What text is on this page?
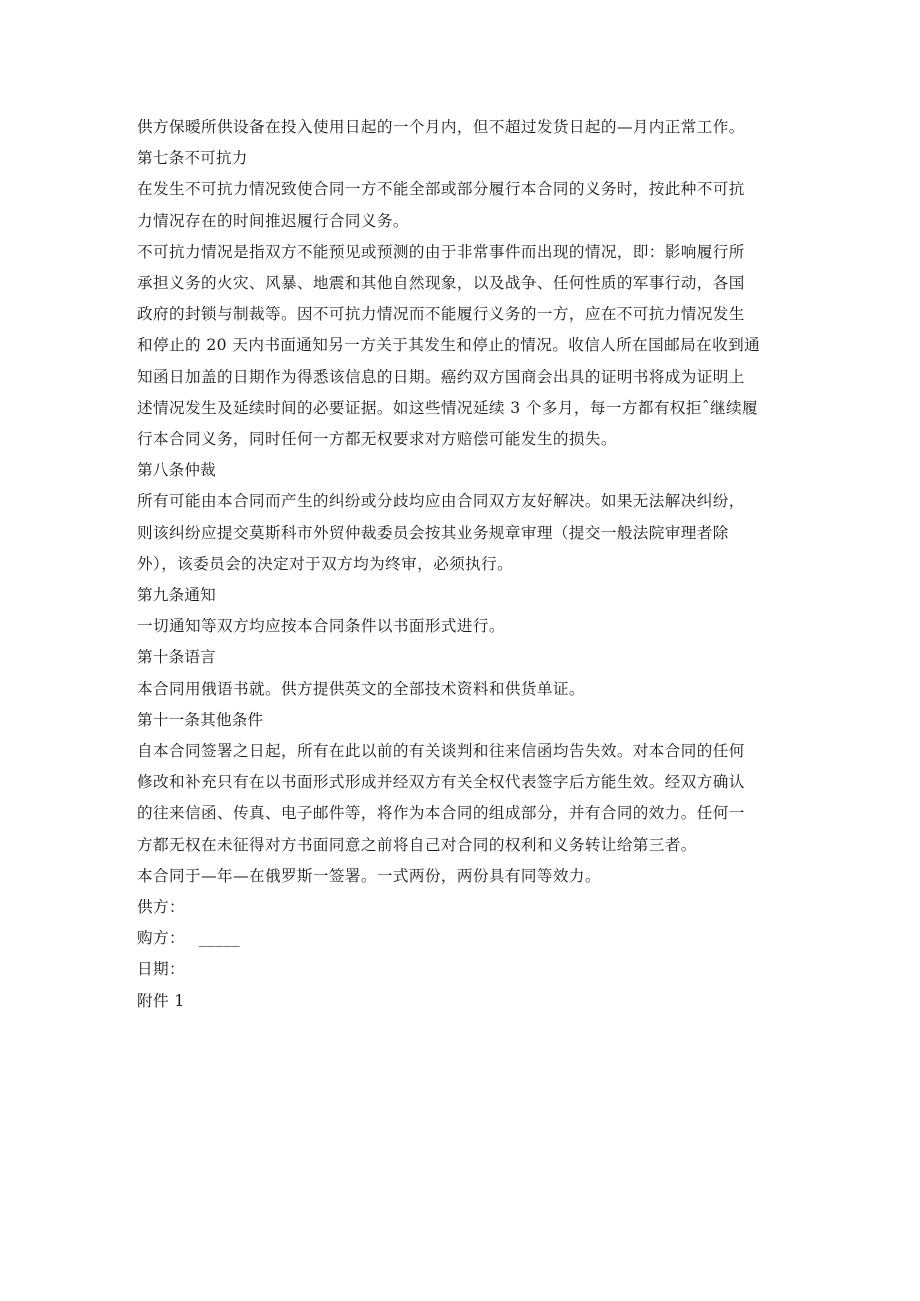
供方保暧所供设备在投入使用日起的一个月内，但不超过发货日起的—月内正常工作。

第七条不可抗力

在发生不可抗力情况致使合同一方不能全部或部分履行本合同的义务时，按此种不可抗

力情况存在的时间推迟履行合同义务。

不可抗力情况是指双方不能预见或预测的由于非常事件而出现的情况，即：影响履行所

承担义务的火灾、风暴、地震和其他自然现象，以及战争、任何性质的军事行动，各国

政府的封锁与制裁等。因不可抗力情况而不能履行义务的一方，应在不可抗力情况发生

和停止的 20 天内书面通知另一方关于其发生和停止的情况。收信人所在国邮局在收到通

知函日加盖的日期作为得悉该信息的日期。癌约双方国商会出具的证明书将成为证明上

述情况发生及延续时间的必要证据。如这些情况延续 3 个多月，每一方都有权拒ˆ继续履

行本合同义务，同时任何一方都无权要求对方赔偿可能发生的损失。

第八条仲裁

所有可能由本合同而产生的纠纷或分歧均应由合同双方友好解决。如果无法解决纠纷，

则该纠纷应提交莫斯科市外贸仲裁委员会按其业务规章审理（提交一般法院审理者除

外），该委员会的决定对于双方均为终审，必须执行。

第九条通知

一切通知等双方均应按本合同条件以书面形式进行。

第十条语言

本合同用俄语书就。供方提供英文的全部技术资料和供货单证。

第十一条其他条件

自本合同签署之日起，所有在此以前的有关谈判和往来信函均告失效。对本合同的任何

修改和补充只有在以书面形式形成并经双方有关全权代表签字后方能生效。经双方确认

的往来信函、传真、电子邮件等，将作为本合同的组成部分，并有合同的效力。任何一

方都无权在未征得对方书面同意之前将自己对合同的权利和义务转让给第三者。

本合同于—年—在俄罗斯一签署。一式两份，两份具有同等效力。

供方：

购方： _____

日期：

附件 1
